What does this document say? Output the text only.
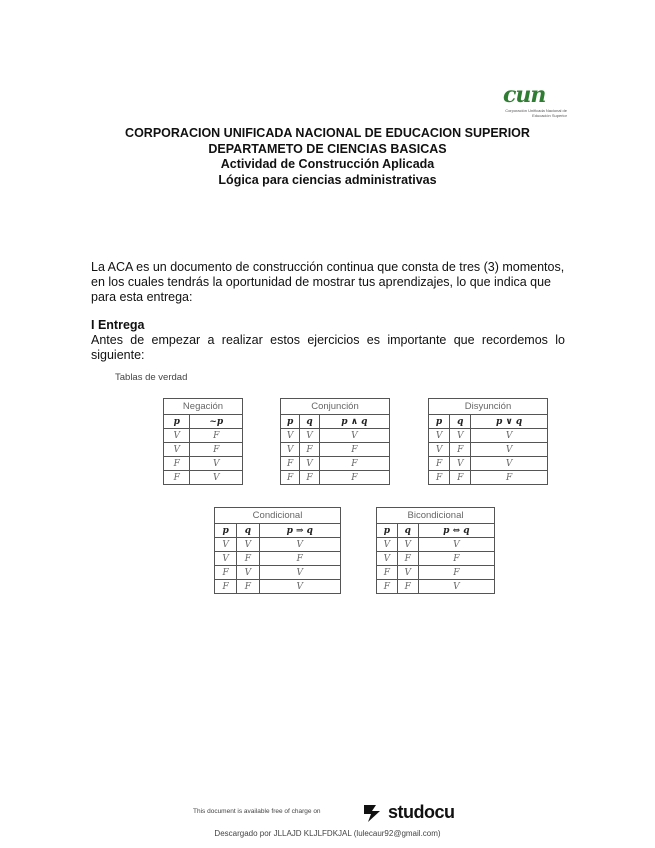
cun
Corporación Unificada Nacional de Educación Superior
CORPORACION UNIFICADA NACIONAL DE EDUCACION SUPERIOR
DEPARTAMETO DE CIENCIAS BASICAS
Actividad de Construcción Aplicada
Lógica para ciencias administrativas
La ACA es un documento de construcción continua que consta de tres (3) momentos, en los cuales tendrás la oportunidad de mostrar tus aprendizajes, lo que indica que para esta entrega:
I Entrega
Antes de empezar a realizar estos ejercicios es importante que recordemos lo siguiente:
Tablas de verdad
Negación	
p	~p
V	F
V	F
F	V
F	V
Conjunción		
p	q	p ∧ q
V	V	V
V	F	F
F	V	F
F	F	F
Disyunción		
p	q	p ∨ q
V	V	V
V	F	V
F	V	V
F	F	F
Condicional		
p	q	p ⇒ q
V	V	V
V	F	F
F	V	V
F	F	V
Bicondicional		
p	q	p ⇔ q
V	V	V
V	F	F
F	V	F
F	F	V
This document is available free of charge on	studocu
Descargado por JLLAJD KLJLFDKJAL (lulecaur92@gmail.com)
